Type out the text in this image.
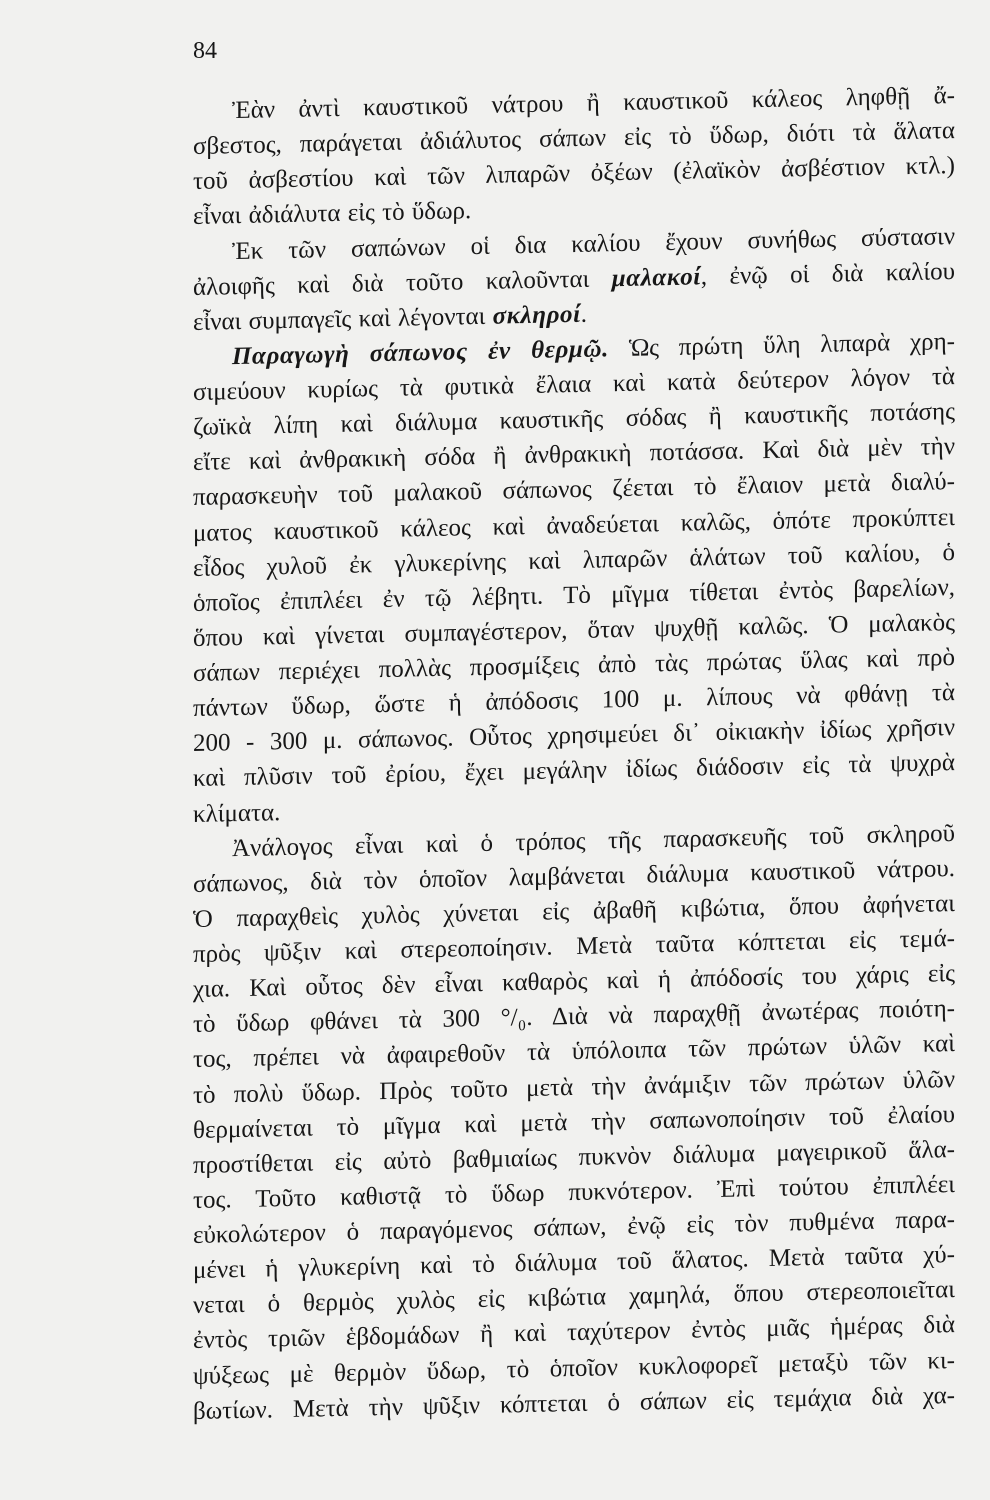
84
Ἐὰν ἀντὶ καυστικοῦ νάτρου ἢ καυστικοῦ κάλεος ληφθῇ ἄ-
σβεστος, παράγεται ἀδιάλυτος σάπων εἰς τὸ ὕδωρ, διότι τὰ ἅλατα
τοῦ ἀσβεστίου καὶ τῶν λιπαρῶν ὀξέων (ἐλαϊκὸν ἀσβέστιον κτλ.)
εἶναι ἀδιάλυτα εἰς τὸ ὕδωρ.
Ἐκ τῶν σαπώνων οἱ δια καλίου ἔχουν συνήθως σύστασιν
ἀλοιφῆς καὶ διὰ τοῦτο καλοῦνται μαλακοί, ἐνῷ οἱ διὰ καλίου
εἶναι συμπαγεῖς καὶ λέγονται σκληροί.
Παραγωγὴ σάπωνος ἐν θερμῷ. Ὡς πρώτη ὕλη λιπαρὰ χρη-
σιμεύουν κυρίως τὰ φυτικὰ ἔλαια καὶ κατὰ δεύτερον λόγον τὰ
ζωϊκὰ λίπη καὶ διάλυμα καυστικῆς σόδας ἢ καυστικῆς ποτάσης
εἴτε καὶ ἀνθρακικὴ σόδα ἢ ἀνθρακικὴ ποτάσσα. Καὶ διὰ μὲν τὴν
παρασκευὴν τοῦ μαλακοῦ σάπωνος ζέεται τὸ ἔλαιον μετὰ διαλύ-
ματος καυστικοῦ κάλεος καὶ ἀναδεύεται καλῶς, ὁπότε προκύπτει
εἶδος χυλοῦ ἐκ γλυκερίνης καὶ λιπαρῶν ἁλάτων τοῦ καλίου, ὁ
ὁποῖος ἐπιπλέει ἐν τῷ λέβητι. Τὸ μῖγμα τίθεται ἐντὸς βαρελίων,
ὅπου καὶ γίνεται συμπαγέστερον, ὅταν ψυχθῇ καλῶς. Ὁ μαλακὸς
σάπων περιέχει πολλὰς προσμίξεις ἀπὸ τὰς πρώτας ὕλας καὶ πρὸ
πάντων ὕδωρ, ὥστε ἡ ἀπόδοσις 100 μ. λίπους νὰ φθάνῃ τὰ
200 - 300 μ. σάπωνος. Οὗτος χρησιμεύει δι᾽ οἰκιακὴν ἰδίως χρῆσιν
καὶ πλῦσιν τοῦ ἐρίου, ἔχει μεγάλην ἰδίως διάδοσιν εἰς τὰ ψυχρὰ
κλίματα.
Ἀνάλογος εἶναι καὶ ὁ τρόπος τῆς παρασκευῆς τοῦ σκληροῦ
σάπωνος, διὰ τὸν ὁποῖον λαμβάνεται διάλυμα καυστικοῦ νάτρου.
Ὁ παραχθεὶς χυλὸς χύνεται εἰς ἀβαθῆ κιβώτια, ὅπου ἀφήνεται
πρὸς ψῦξιν καὶ στερεοποίησιν. Μετὰ ταῦτα κόπτεται εἰς τεμά-
χια. Καὶ οὗτος δὲν εἶναι καθαρὸς καὶ ἡ ἀπόδοσίς του χάρις εἰς
τὸ ὕδωρ φθάνει τὰ 300 °/₀. Διὰ νὰ παραχθῇ ἀνωτέρας ποιότη-
τος, πρέπει νὰ ἀφαιρεθοῦν τὰ ὑπόλοιπα τῶν πρώτων ὑλῶν καὶ
τὸ πολὺ ὕδωρ. Πρὸς τοῦτο μετὰ τὴν ἀνάμιξιν τῶν πρώτων ὑλῶν
θερμαίνεται τὸ μῖγμα καὶ μετὰ τὴν σαπωνοποίησιν τοῦ ἐλαίου
προστίθεται εἰς αὐτὸ βαθμιαίως πυκνὸν διάλυμα μαγειρικοῦ ἅλα-
τος. Τοῦτο καθιστᾷ τὸ ὕδωρ πυκνότερον. Ἐπὶ τούτου ἐπιπλέει
εὐκολώτερον ὁ παραγόμενος σάπων, ἐνῷ εἰς τὸν πυθμένα παρα-
μένει ἡ γλυκερίνη καὶ τὸ διάλυμα τοῦ ἅλατος. Μετὰ ταῦτα χύ-
νεται ὁ θερμὸς χυλὸς εἰς κιβώτια χαμηλά, ὅπου στερεοποιεῖται
ἐντὸς τριῶν ἑβδομάδων ἢ καὶ ταχύτερον ἐντὸς μιᾶς ἡμέρας διὰ
ψύξεως μὲ θερμὸν ὕδωρ, τὸ ὁποῖον κυκλοφορεῖ μεταξὺ τῶν κι-
βωτίων. Μετὰ τὴν ψῦξιν κόπτεται ὁ σάπων εἰς τεμάχια διὰ χα-
